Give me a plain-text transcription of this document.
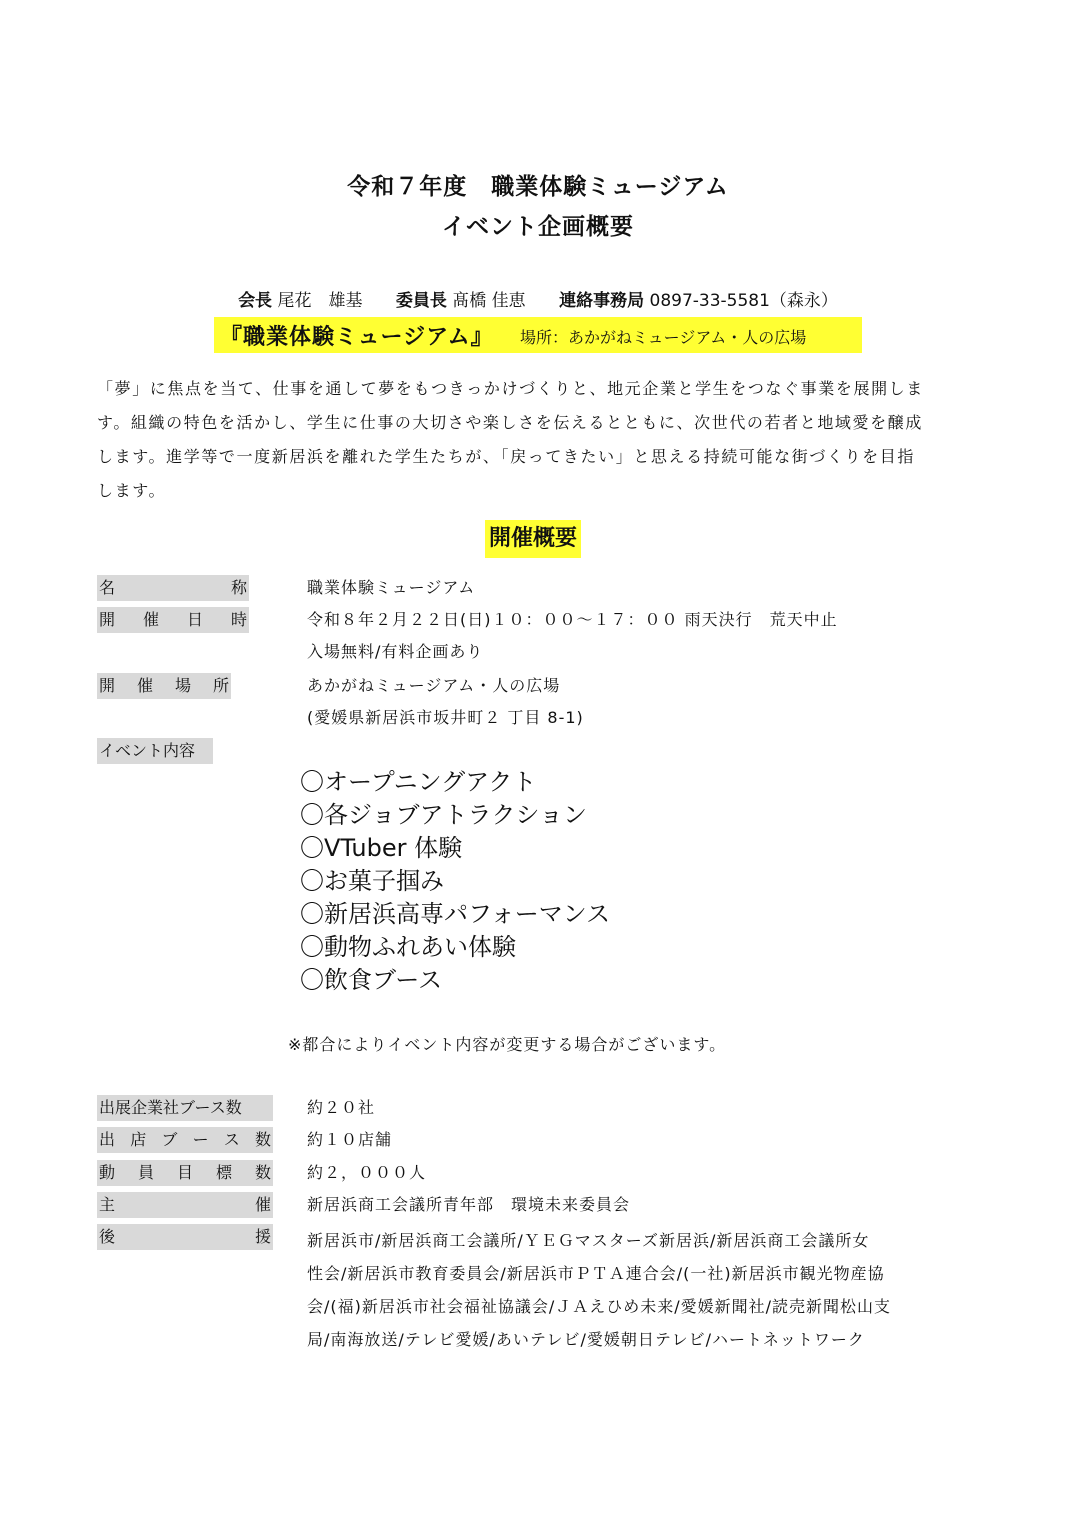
令和７年度　職業体験ミュージアム
イベント企画概要
会長 尾花　雄基 委員長 髙橋 佳恵 連絡事務局 0897-33-5581（森永）
『職業体験ミュージアム』 場所：あかがねミュージアム・人の広場
「夢」に焦点を当て、仕事を通して夢をもつきっかけづくりと、地元企業と学生をつなぐ事業を展開しま
す。組織の特色を活かし、学生に仕事の大切さや楽しさを伝えるとともに、次世代の若者と地域愛を醸成
します。進学等で一度新居浜を離れた学生たちが、「戻ってきたい」と思える持続可能な街づくりを目指
します。
開催概要
名	称	職業体験ミュージアム
開 催 日 時	令和８年２月２２日(日)１０：００～１７：００ 雨天決行　荒天中止
入場無料/有料企画あり
開 催 場 所	あかがねミュージアム・人の広場
(愛媛県新居浜市坂井町２ 丁目 8-1)
イベント内容
〇オープニングアクト
〇各ジョブアトラクション
〇VTuber 体験
〇お菓子掴み
〇新居浜高専パフォーマンス
〇動物ふれあい体験
〇飲食ブース
※都合によりイベント内容が変更する場合がございます。
出展企業社ブース数	約２０社
出 店 ブ ー ス 数 約１０店舗
動 員 目 標 数 約２，０００人
主	催 新居浜商工会議所青年部　環境未来委員会
後	援 新居浜市/新居浜商工会議所/ＹＥＧマスターズ新居浜/新居浜商工会議所女
性会/新居浜市教育委員会/新居浜市ＰＴＡ連合会/(一社)新居浜市観光物産協
会/(福)新居浜市社会福祉協議会/ＪＡえひめ未来/愛媛新聞社/読売新聞松山支
局/南海放送/テレビ愛媛/あいテレビ/愛媛朝日テレビ/ハートネットワーク
